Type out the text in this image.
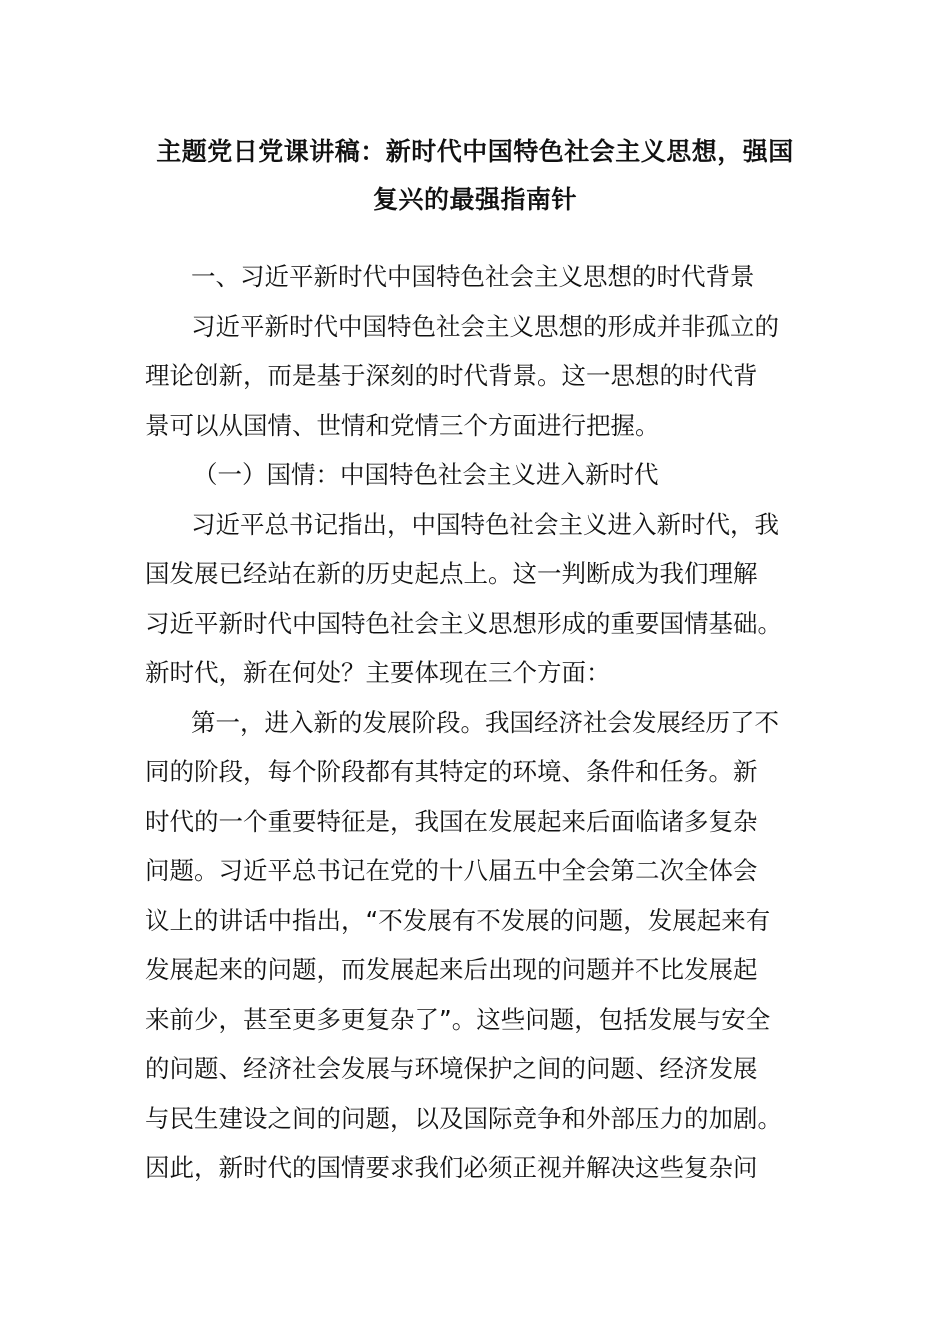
主题党日党课讲稿：新时代中国特色社会主义思想，强国
复兴的最强指南针
一、习近平新时代中国特色社会主义思想的时代背景
习近平新时代中国特色社会主义思想的形成并非孤立的
理论创新，而是基于深刻的时代背景。这一思想的时代背
景可以从国情、世情和党情三个方面进行把握。
（一）国情：中国特色社会主义进入新时代
习近平总书记指出，中国特色社会主义进入新时代，我
国发展已经站在新的历史起点上。这一判断成为我们理解
习近平新时代中国特色社会主义思想形成的重要国情基础。
新时代，新在何处？主要体现在三个方面：
第一，进入新的发展阶段。我国经济社会发展经历了不
同的阶段，每个阶段都有其特定的环境、条件和任务。新
时代的一个重要特征是，我国在发展起来后面临诸多复杂
问题。习近平总书记在党的十八届五中全会第二次全体会
议上的讲话中指出，“不发展有不发展的问题，发展起来有
发展起来的问题，而发展起来后出现的问题并不比发展起
来前少，甚至更多更复杂了”。这些问题，包括发展与安全
的问题、经济社会发展与环境保护之间的问题、经济发展
与民生建设之间的问题，以及国际竞争和外部压力的加剧。
因此，新时代的国情要求我们必须正视并解决这些复杂问
